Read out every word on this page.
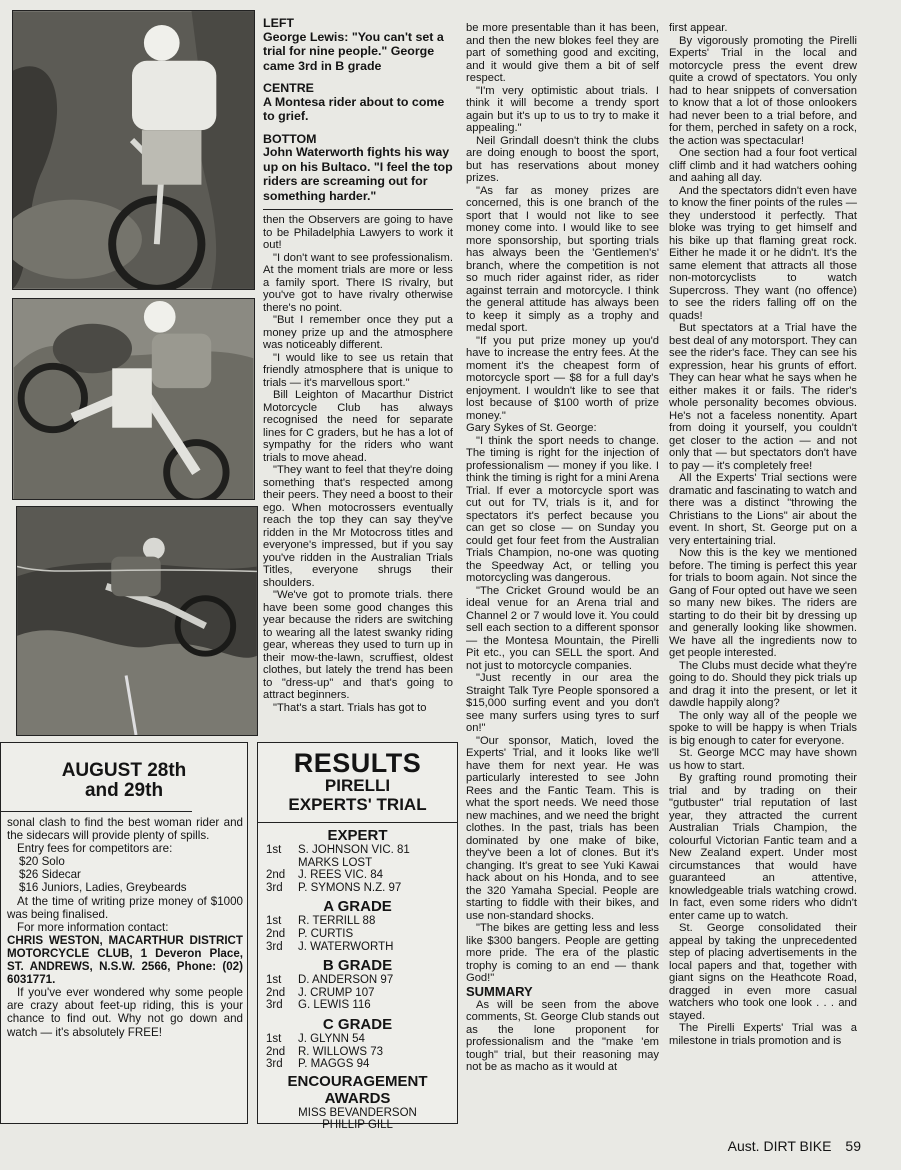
LEFT
George Lewis: "You can't set a trial for nine people." George came 3rd in B grade
CENTRE
A Montesa rider about to come to grief.
BOTTOM
John Waterworth fights his way up on his Bultaco. "I feel the top riders are screaming out for something harder."

then the Observers are going to have to be Philadelphia Lawyers to work it out!

"I don't want to see professionalism. At the moment trials are more or less a family sport. There IS rivalry, but you've got to have rivalry otherwise there's no point.

"But I remember once they put a money prize up and the atmosphere was noticeably different.

"I would like to see us retain that friendly atmosphere that is unique to trials — it's marvellous sport."

Bill Leighton of Macarthur District Motorcycle Club has always recognised the need for separate lines for C graders, but he has a lot of sympathy for the riders who want trials to move ahead.

"They want to feel that they're doing something that's respected among their peers. They need a boost to their ego. When motocrossers eventually reach the top they can say they've ridden in the Mr Motocross titles and everyone's impressed, but if you say you've ridden in the Australian Trials Titles, everyone shrugs their shoulders.

"We've got to promote trials. there have been some good changes this year because the riders are switching to wearing all the latest swanky riding gear, whereas they used to turn up in their mow-the-lawn, scruffiest, oldest clothes, but lately the trend has been to "dress-up" and that's going to attract beginners.

"That's a start. Trials has got to

be more presentable than it has been, and then the new blokes feel they are part of something good and exciting, and it would give them a bit of self respect.

"I'm very optimistic about trials. I think it will become a trendy sport again but it's up to us to try to make it appealing."

Neil Grindall doesn't think the clubs are doing enough to boost the sport, but has reservations about money prizes.

"As far as money prizes are concerned, this is one branch of the sport that I would not like to see money come into. I would like to see more sponsorship, but sporting trials has always been the 'Gentlemen's' branch, where the competition is not so much rider against rider, as rider against terrain and motorcycle. I think the general attitude has always been to keep it simply as a trophy and medal sport.

"If you put prize money up you'd have to increase the entry fees. At the moment it's the cheapest form of motorcycle sport — $8 for a full day's enjoyment. I wouldn't like to see that lost because of $100 worth of prize money."

Gary Sykes of St. George:

"I think the sport needs to change. The timing is right for the injection of professionalism — money if you like. I think the timing is right for a mini Arena Trial. If ever a motorcycle sport was cut out for TV, trials is it, and for spectators it's perfect because you can get so close — on Sunday you could get four feet from the Australian Trials Champion, no-one was quoting the Speedway Act, or telling you motorcycling was dangerous.

"The Cricket Ground would be an ideal venue for an Arena trial and Channel 2 or 7 would love it. You could sell each section to a different sponsor — the Montesa Mountain, the Pirelli Pit etc., you can SELL the sport. And not just to motorcycle companies.

"Just recently in our area the Straight Talk Tyre People sponsored a $15,000 surfing event and you don't see many surfers using tyres to surf on!"

"Our sponsor, Matich, loved the Experts' Trial, and it looks like we'll have them for next year. He was particularly interested to see John Rees and the Fantic Team. This is what the sport needs. We need those new machines, and we need the bright clothes. In the past, trials has been dominated by one make of bike, they've been a lot of clones. But it's changing. It's great to see Yuki Kawai hack about on his Honda, and to see the 320 Yamaha Special. People are starting to fiddle with their bikes, and use non-standard shocks.

"The bikes are getting less and less like $300 bangers. People are getting more pride. The era of the plastic trophy is coming to an end — thank God!"

SUMMARY

As will be seen from the above comments, St. George Club stands out as the lone proponent for professionalism and the "make 'em tough" trial, but their reasoning may not be as macho as it would at

first appear.

By vigorously promoting the Pirelli Experts' Trial in the local and motorcycle press the event drew quite a crowd of spectators. You only had to hear snippets of conversation to know that a lot of those onlookers had never been to a trial before, and for them, perched in safety on a rock, the action was spectacular!

One section had a four foot vertical cliff climb and it had watchers oohing and aahing all day.

And the spectators didn't even have to know the finer points of the rules — they understood it perfectly. That bloke was trying to get himself and his bike up that flaming great rock. Either he made it or he didn't. It's the same element that attracts all those non-motorcyclists to watch Supercross. They want (no offence) to see the riders falling off on the quads!

But spectators at a Trial have the best deal of any motorsport. They can see the rider's face. They can see his expression, hear his grunts of effort. They can hear what he says when he either makes it or fails. The rider's whole personality becomes obvious. He's not a faceless nonentity. Apart from doing it yourself, you couldn't get closer to the action — and not only that — but spectators don't have to pay — it's completely free!

All the Experts' Trial sections were dramatic and fascinating to watch and there was a distinct "throwing the Christians to the Lions" air about the event. In short, St. George put on a very entertaining trial.

Now this is the key we mentioned before. The timing is perfect this year for trials to boom again. Not since the Gang of Four opted out have we seen so many new bikes. The riders are starting to do their bit by dressing up and generally looking like showmen. We have all the ingredients now to get people interested.

The Clubs must decide what they're going to do. Should they pick trials up and drag it into the present, or let it dawdle happily along?

The only way all of the people we spoke to will be happy is when Trials is big enough to cater for everyone.

St. George MCC may have shown us how to start.

By grafting round promoting their trial and by trading on their "gutbuster" trial reputation of last year, they attracted the current Australian Trials Champion, the colourful Victorian Fantic team and a New Zealand expert. Under most circumstances that would have guaranteed an attentive, knowledgeable trials watching crowd. In fact, even some riders who didn't enter came up to watch.

St. George consolidated their appeal by taking the unprecedented step of placing advertisements in the local papers and that, together with giant signs on the Heathcote Road, dragged in even more casual watchers who took one look . . . and stayed.

The Pirelli Experts' Trial was a milestone in trials promotion and is

AUGUST 28th
and 29th

sonal clash to find the best woman rider and the sidecars will provide plenty of spills.

Entry fees for competitors are:

$20 Solo

$26 Sidecar

$16 Juniors, Ladies, Greybeards

At the time of writing prize money of $1000 was being finalised.

For more information contact:

CHRIS WESTON, MACARTHUR DISTRICT MOTORCYCLE CLUB, 1 Deveron Place, ST. ANDREWS, N.S.W. 2566, Phone: (02) 6031771.

If you've ever wondered why some people are crazy about feet-up riding, this is your chance to find out. Why not go down and watch — it's absolutely FREE!

RESULTS
PIRELLI
EXPERTS' TRIAL
EXPERT
1st	S. JOHNSON VIC. 81
MARKS LOST
2nd	J. REES VIC. 84
3rd	P. SYMONS N.Z. 97
A GRADE
1st	R. TERRILL 88
2nd	P. CURTIS
3rd	J. WATERWORTH
B GRADE
1st	D. ANDERSON 97
2nd	J. CRUMP 107
3rd	G. LEWIS 116
C GRADE
1st	J. GLYNN 54
2nd	R. WILLOWS 73
3rd	P. MAGGS 94
ENCOURAGEMENT
AWARDS
MISS BEVANDERSON
PHILLIP GILL
Aust. DIRT BIKE 59
